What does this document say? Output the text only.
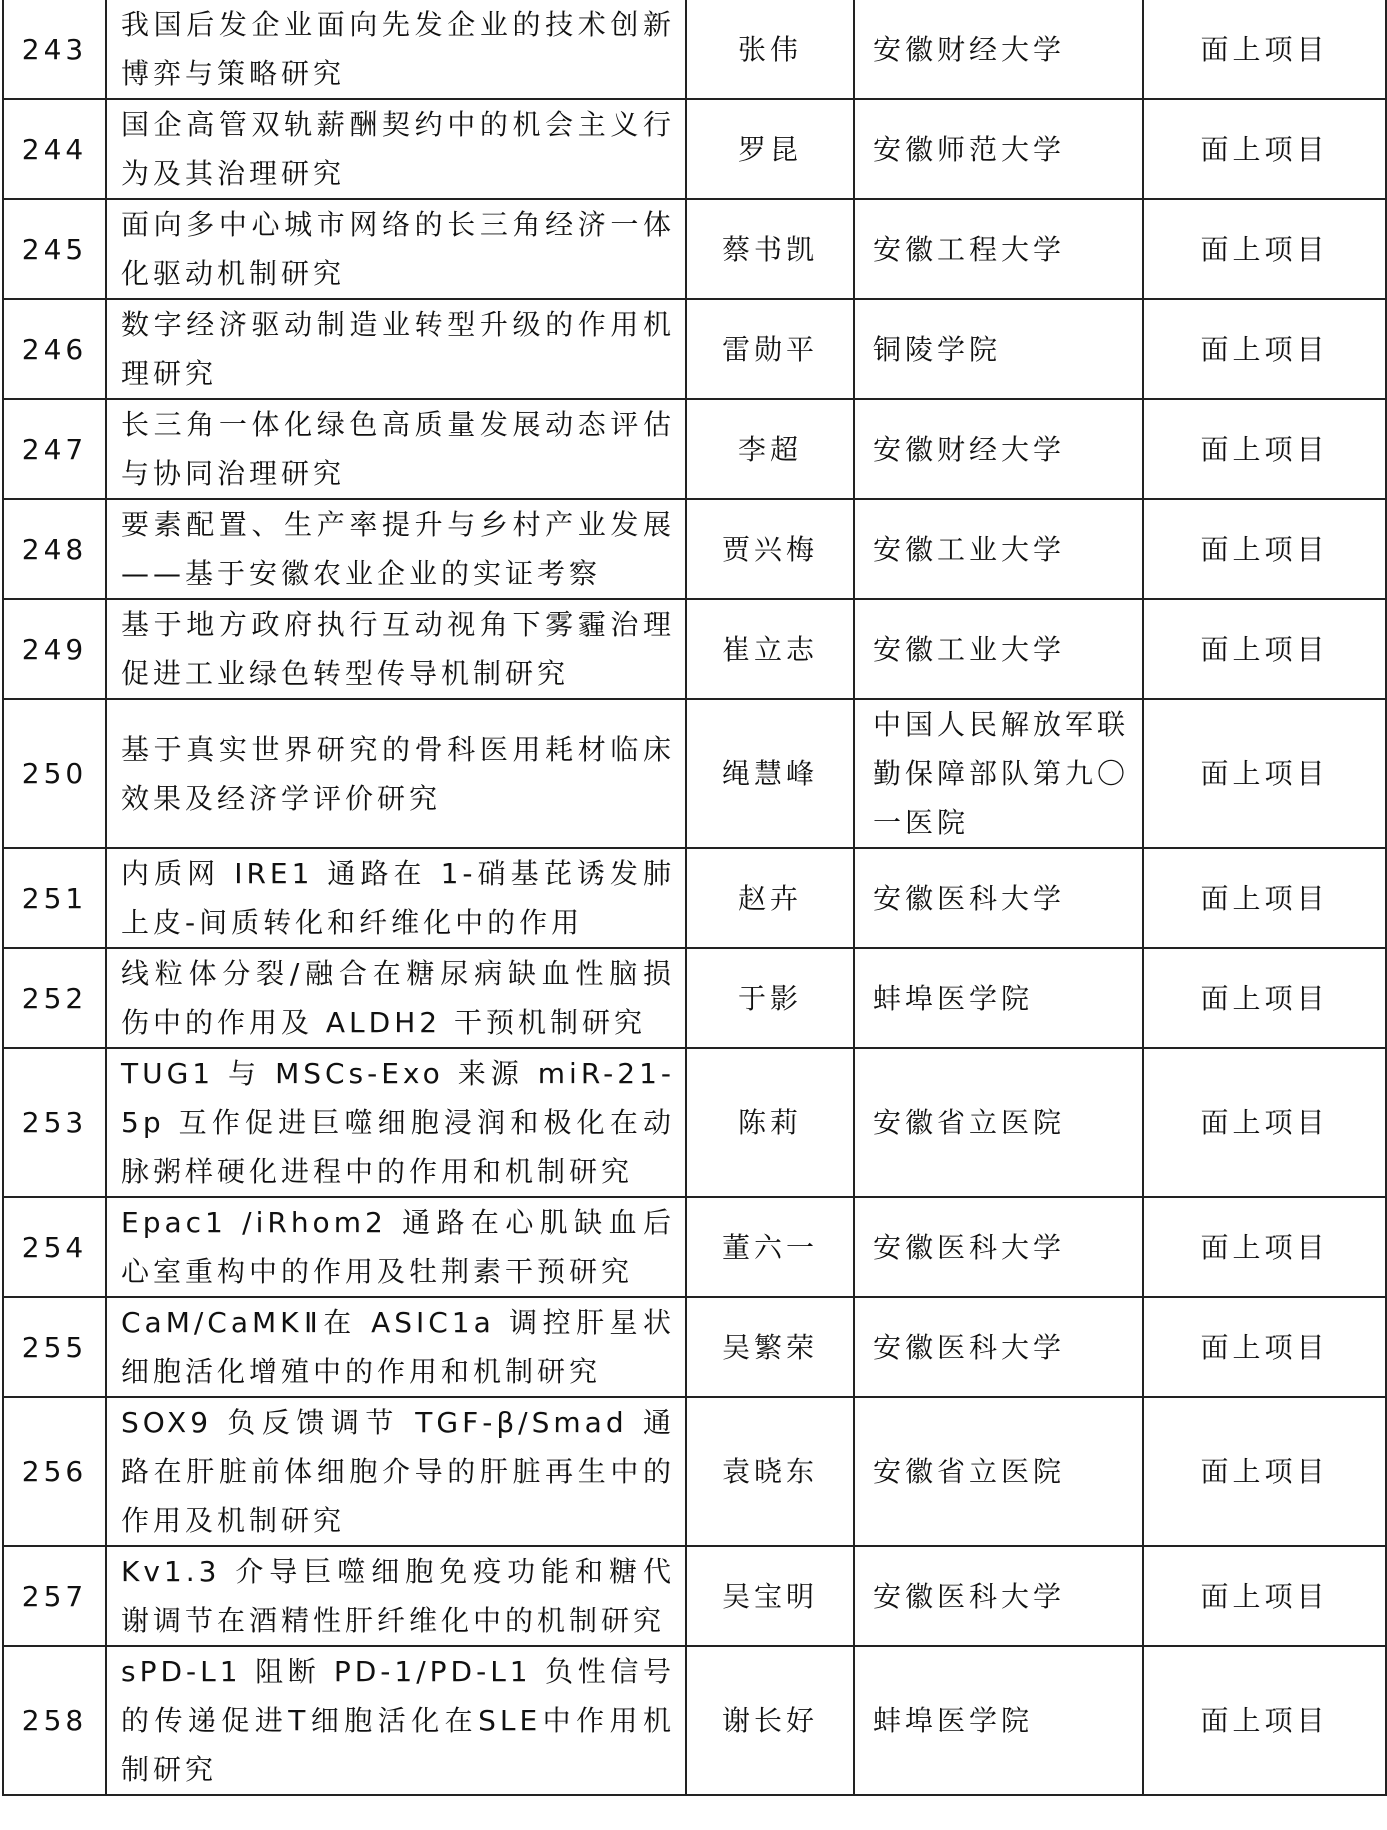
243	我国后发企业面向先发企业的技术创新博弈与策略研究	张伟	安徽财经大学	面上项目
244	国企高管双轨薪酬契约中的机会主义行为及其治理研究	罗昆	安徽师范大学	面上项目
245	面向多中心城市网络的长三角经济一体化驱动机制研究	蔡书凯	安徽工程大学	面上项目
246	数字经济驱动制造业转型升级的作用机理研究	雷勋平	铜陵学院	面上项目
247	长三角一体化绿色高质量发展动态评估与协同治理研究	李超	安徽财经大学	面上项目
248	要素配置、生产率提升与乡村产业发展——基于安徽农业企业的实证考察	贾兴梅	安徽工业大学	面上项目
249	基于地方政府执行互动视角下雾霾治理促进工业绿色转型传导机制研究	崔立志	安徽工业大学	面上项目
250	基于真实世界研究的骨科医用耗材临床效果及经济学评价研究	绳慧峰	中国人民解放军联勤保障部队第九〇一医院	面上项目
251	内质网 IRE1 通路在 1-硝基芘诱发肺上皮-间质转化和纤维化中的作用	赵卉	安徽医科大学	面上项目
252	线粒体分裂/融合在糖尿病缺血性脑损伤中的作用及 ALDH2 干预机制研究	于影	蚌埠医学院	面上项目
253	TUG1 与 MSCs-Exo 来源 miR-21-5p 互作促进巨噬细胞浸润和极化在动脉粥样硬化进程中的作用和机制研究	陈莉	安徽省立医院	面上项目
254	Epac1 /iRhom2 通路在心肌缺血后心室重构中的作用及牡荆素干预研究	董六一	安徽医科大学	面上项目
255	CaM/CaMKⅡ在 ASIC1a 调控肝星状细胞活化增殖中的作用和机制研究	吴繁荣	安徽医科大学	面上项目
256	SOX9 负反馈调节 TGF-β/Smad 通路在肝脏前体细胞介导的肝脏再生中的作用及机制研究	袁晓东	安徽省立医院	面上项目
257	Kv1.3 介导巨噬细胞免疫功能和糖代谢调节在酒精性肝纤维化中的机制研究	吴宝明	安徽医科大学	面上项目
258	sPD-L1 阻断 PD-1/PD-L1 负性信号的传递促进T细胞活化在SLE中作用机制研究	谢长好	蚌埠医学院	面上项目
